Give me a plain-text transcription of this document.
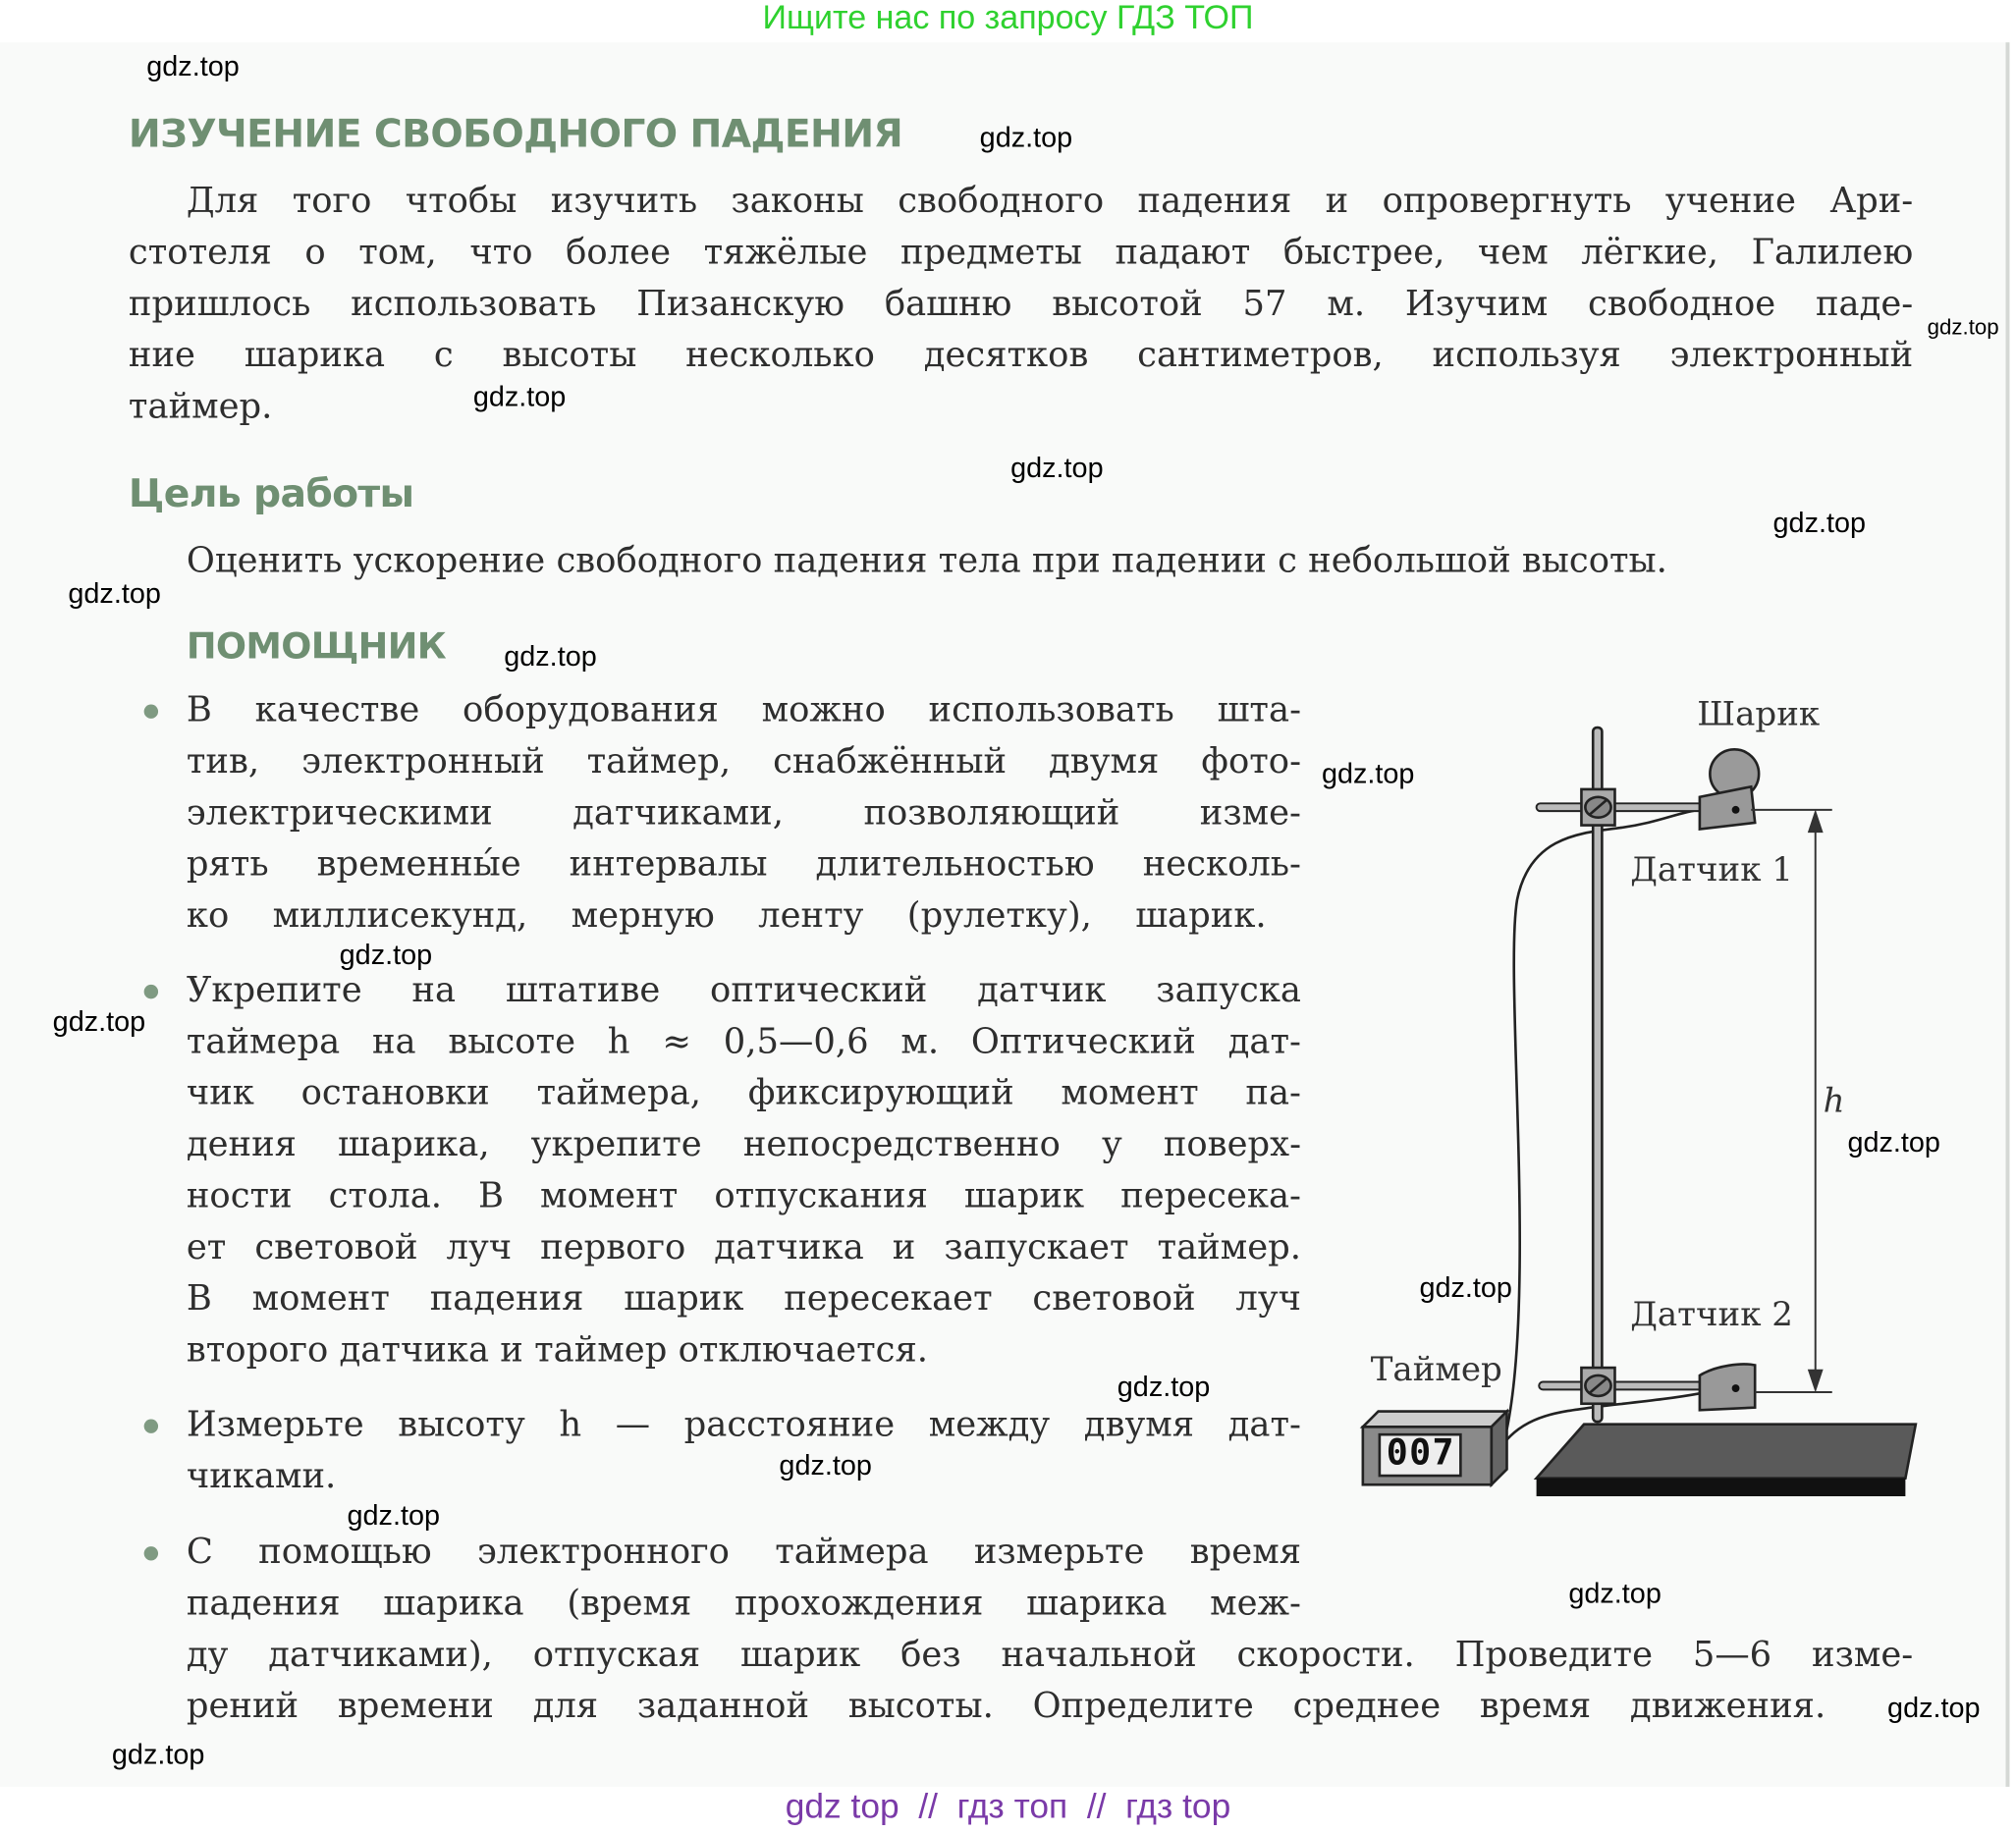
Ищите нас по запросу ГДЗ ТОП
ИЗУЧЕНИЕ СВОБОДНОГО ПАДЕНИЯ
Для того чтобы изучить законы свободного падения и опровергнуть учение Ари-
стотеля о том, что более тяжёлые предметы падают быстрее, чем лёгкие, Галилею
пришлось использовать Пизанскую башню высотой 57 м. Изучим свободное паде-
ние шарика с высоты несколько десятков сантиметров, используя электронный
таймер.
Цель работы
Оценить ускорение свободного падения тела при падении с небольшой высоты.
ПОМОЩНИК
В качестве оборудования можно использовать шта-
тив, электронный таймер, снабжённый двумя фото-
электрическими датчиками, позволяющий изме-
рять временны́е интервалы длительностью несколь-
ко миллисекунд, мерную ленту (рулетку), шарик.
Укрепите на штативе оптический датчик запуска
таймера на высоте h ≈ 0,5—0,6 м. Оптический дат-
чик остановки таймера, фиксирующий момент па-
дения шарика, укрепите непосредственно у поверх-
ности стола. В момент отпускания шарик пересека-
ет световой луч первого датчика и запускает таймер.
В момент падения шарик пересекает световой луч
второго датчика и таймер отключается.
Измерьте высоту h — расстояние между двумя дат-
чиками.
С помощью электронного таймера измерьте время
падения шарика (время прохождения шарика меж-
ду датчиками), отпуская шарик без начальной скорости. Проведите 5—6 изме-
рений времени для заданной высоты. Определите среднее время движения.
007
Шарик
Датчик 1
h
Датчик 2
Таймер
gdz.top
gdz.top
gdz.top
gdz.top
gdz.top
gdz.top
gdz.top
gdz.top
gdz.top
gdz.top
gdz.top
gdz.top
gdz.top
gdz.top
gdz.top
gdz.top
gdz.top
gdz.top
gdz.top
gdz top  //  гдз топ  //  гдз top
